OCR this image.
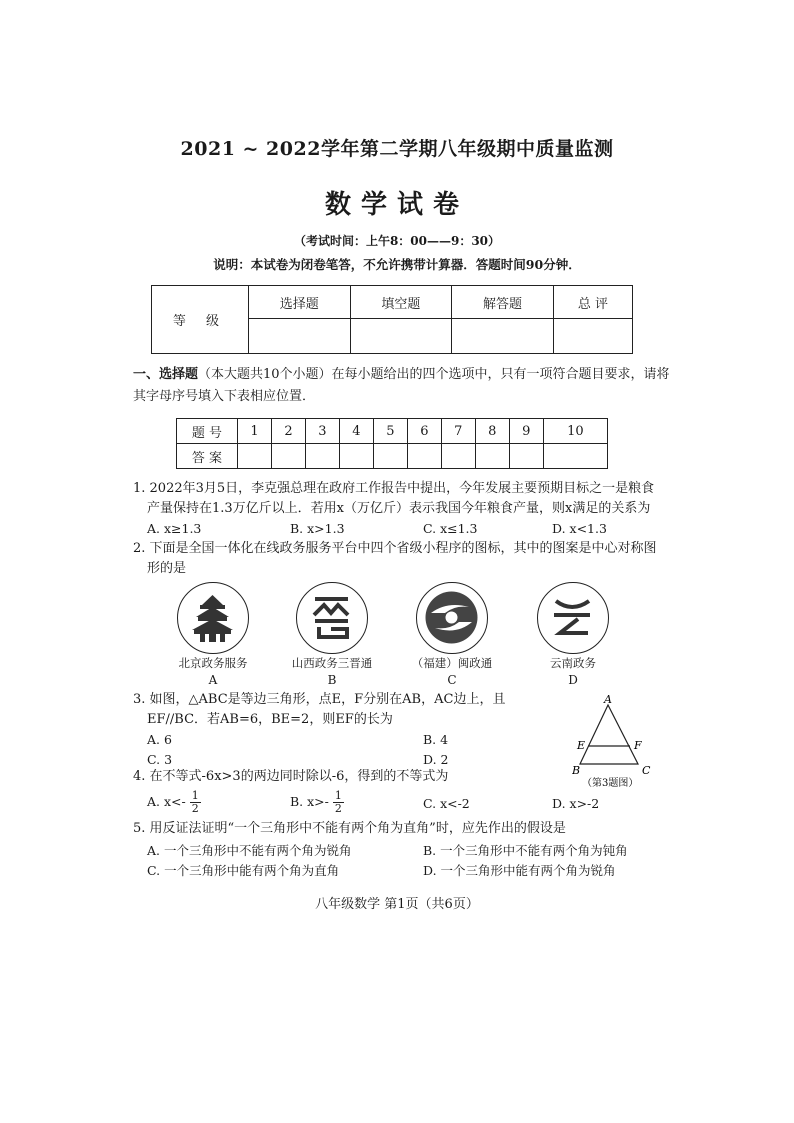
2021 ~ 2022学年第二学期八年级期中质量监测
数学试卷
（考试时间：上午8：00——9：30）
说明：本试卷为闭卷笔答，不允许携带计算器．答题时间90分钟．
等 级	选择题	填空题	解答题	总 评

一、选择题（本大题共10个小题）在每小题给出的四个选项中，只有一项符合题目要求，请将
其字母序号填入下表相应位置．
题 号	1	2	3	4	5	6	7	8	9	10
答 案										
1. 2022年3月5日，李克强总理在政府工作报告中提出，今年发展主要预期目标之一是粮食
产量保持在1.3万亿斤以上．若用x（万亿斤）表示我国今年粮食产量，则x满足的关系为
A. x≥1.3	B. x>1.3	C. x≤1.3	D. x<1.3
2. 下面是全国一体化在线政务服务平台中四个省级小程序的图标，其中的图案是中心对称图
形的是
北京政务服务
A
山西政务三晋通
B
（福建）闽政通
C
云南政务
D
3. 如图，△ABC是等边三角形，点E，F分别在AB，AC边上，且
EF//BC．若AB=6，BE=2，则EF的长为
A. 6	B. 4
C. 3	D. 2
A
B	C
E	F
（第3题图）
4. 在不等式-6x>3的两边同时除以-6，得到的不等式为
A. $x<- \frac{1}{2}$	B. $x>- \frac{1}{2}$	C. x<-2	D. x>-2
5. 用反证法证明“一个三角形中不能有两个角为直角”时，应先作出的假设是
A. 一个三角形中不能有两个角为锐角	B. 一个三角形中不能有两个角为钝角
C. 一个三角形中能有两个角为直角	D. 一个三角形中能有两个角为锐角
八年级数学 第1页（共6页）
